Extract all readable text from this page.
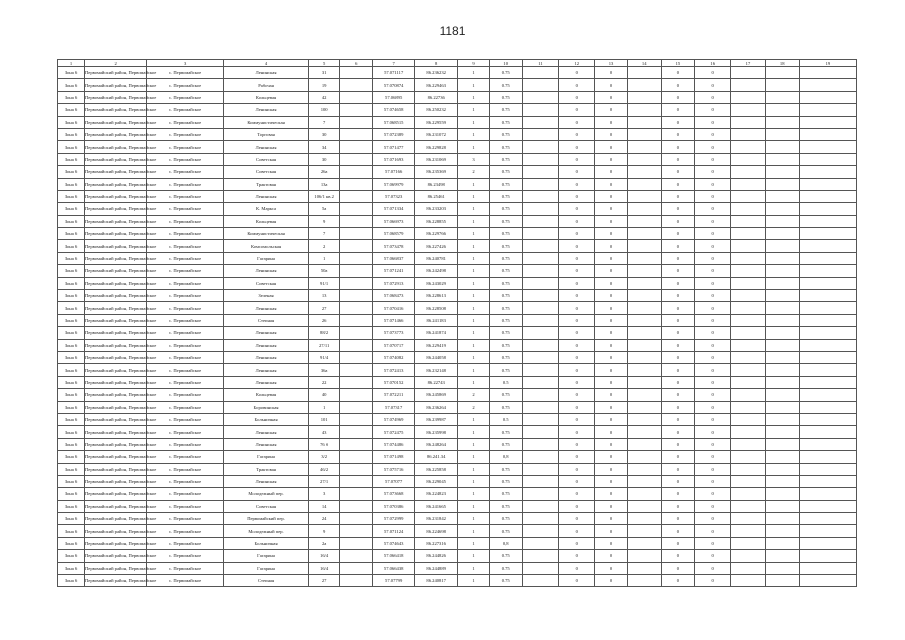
1181
1	2	3	4	5	6	7	8	9	10	11	12	13	14	15	16	17	18	19
Зона 6	Первомайский район, Первомайское	с. Первомайское	Ленинская	31		57.071117	86.236232	1	0.75		0	0		0	0			
Зона 6	Первомайский район, Первомайское	с. Первомайское	Рабочая	19		57.070874	86.229463	1	0.75		0	0		0	0			
Зона 6	Первомайский район, Первомайское	с. Первомайское	Кольцевая	42		57.06895	86.22736	1	0.75		0	0		0	0			
Зона 6	Первомайский район, Первомайское	с. Первомайское	Ленинская	100		57.074658	86.250232	1	0.75		0	0		0	0			
Зона 6	Первомайский район, Первомайское	с. Первомайское	Коммунистическая	7		57.068515	86.229559	1	0.75		0	0		0	0			
Зона 6	Первомайский район, Первомайское	с. Первомайское	Торговая	30		57.072389	86.231072	1	0.75		0	0		0	0			
Зона 6	Первомайский район, Первомайское	с. Первомайское	Ленинская	34		57.071477	86.229828	1	0.75		0	0		0	0			
Зона 6	Первомайский район, Первомайское	с. Первомайское	Советская	30		57.071693	86.231069	3	0.75		0	0		0	0			
Зона 6	Первомайский район, Первомайское	с. Первомайское	Советская	26а		57.07166	86.235369	2	0.75		0	0		0	0			
Зона 6	Первомайский район, Первомайское	с. Первомайское	Трактовая	13а		57.069979	86.23498	1	0.75		0	0		0	0			
Зона 6	Первомайский район, Первомайское	с. Первомайское	Ленинская	106/1 кв.2		57.07323	86.25461	1	0.75		0	0		0	0			
Зона 6	Первомайский район, Первомайское	с. Первомайское	К. Маркса	5а		57.071334	86.233203	1	0.75		0	0		0	0			
Зона 6	Первомайский район, Первомайское	с. Первомайское	Кольцевая	9		57.066973	86.228855	1	0.75		0	0		0	0			
Зона 6	Первомайский район, Первомайское	с. Первомайское	Коммунистическая	7		57.068579	86.229766	1	0.75		0	0		0	0			
Зона 6	Первомайский район, Первомайское	с. Первомайское	Комсомольская	2		57.073478	86.227426	1	0.75		0	0		0	0			
Зона 6	Первомайский район, Первомайское	с. Первомайское	Гагарина	1		57.066837	86.240781	1	0.75		0	0		0	0			
Зона 6	Первомайский район, Первомайское	с. Первомайское	Ленинская	50а		57.071241	86.242498	1	0.75		0	0		0	0			
Зона 6	Первомайский район, Первомайское	с. Первомайское	Советская	91/1		57.072913	86.243029	1	0.75		0	0		0	0			
Зона 6	Первомайский район, Первомайское	с. Первомайское	Зеленая	13		57.068473	86.228613	1	0.75		0	0		0	0			
Зона 6	Первомайский район, Первомайское	с. Первомайское	Ленинская	27		57.070416	86.228508	1	0.75		0	0		0	0			
Зона 6	Первомайский район, Первомайское	с. Первомайское	Степная	26		57.071466	86.241183	1	0.75		0	0		0	0			
Зона 6	Первомайский район, Первомайское	с. Первомайское	Ленинская	88/2		57.073773	86.241874	1	0.75		0	0		0	0			
Зона 6	Первомайский район, Первомайское	с. Первомайское	Ленинская	27/11		57.070717	86.229419	1	0.75		0	0		0	0			
Зона 6	Первомайский район, Первомайское	с. Первомайское	Ленинская	91/4		57.074082	86.244058	1	0.75		0	0		0	0			
Зона 6	Первомайский район, Первомайское	с. Первомайское	Ленинская	36а		57.072413	86.232148	1	0.75		0	0		0	0			
Зона 6	Первомайский район, Первомайское	с. Первомайское	Ленинская	22		57.070152	86.22743	1	0.5		0	0		0	0			
Зона 6	Первомайский район, Первомайское	с. Первомайское	Кольцевая	40		57.072211	86.245869	2	0.75		0	0		0	0			
Зона 6	Первомайский район, Первомайское	с. Первомайское	Боровинская	1		57.07317	86.236264	2	0.75		0	0		0	0			
Зона 6	Первомайский район, Первомайское	с. Первомайское	Больничная	101		57.074969	86.239987	1	0.5		0	0		0	0			
Зона 6	Первомайский район, Первомайское	с. Первомайское	Ленинская	43		57.072475	86.235998	1	0.75		0	0		0	0			
Зона 6	Первомайский район, Первомайское	с. Первомайское	Ленинская	76 б		57.074486	86.248264	1	0.75		0	0		0	0			
Зона 6	Первомайский район, Первомайское	с. Первомайское	Гагарина	3/2		57.071498	86.241.34	1	0,8		0	0		0	0			
Зона 6	Первомайский район, Первомайское	с. Первомайское	Трактовая	46/2		57.075716	86.225858	1	0.75		0	0		0	0			
Зона 6	Первомайский район, Первомайское	с. Первомайское	Ленинская	27/1		57.07077	86.229045	1	0.75		0	0		0	0			
Зона 6	Первомайский район, Первомайское	с. Первомайское	Молодежный пер.	3		57.073668	86.224823	1	0.75		0	0		0	0			
Зона 6	Первомайский район, Первомайское	с. Первомайское	Советская	14		57.070386	86.241665	1	0.75		0	0		0	0			
Зона 6	Первомайский район, Первомайское	с. Первомайское	Первомайский пер.	24		57.072999	86.231842	1	0.75		0	0		0	0			
Зона 6	Первомайский район, Первомайское	с. Первомайское	Молодежный пер.	9		57.071124	86.224698	1	0.75		0	0		0	0			
Зона 6	Первомайский район, Первомайское	с. Первомайское	Больничная	2а		57.074643	86.227316	1	0,8		0	0		0	0			
Зона 6	Первомайский район, Первомайское	с. Первомайское	Гагарина	16/4		57.066418	86.244826	1	0.75		0	0		0	0			
Зона 6	Первомайский район, Первомайское	с. Первомайское	Гагарина	16/4		57.066438	86.244889	1	0.75		0	0		0	0			
Зона 6	Первомайский район, Первомайское	с. Первомайское	Степная	27		57.07799	86.240817	1	0.75		0	0		0	0			
